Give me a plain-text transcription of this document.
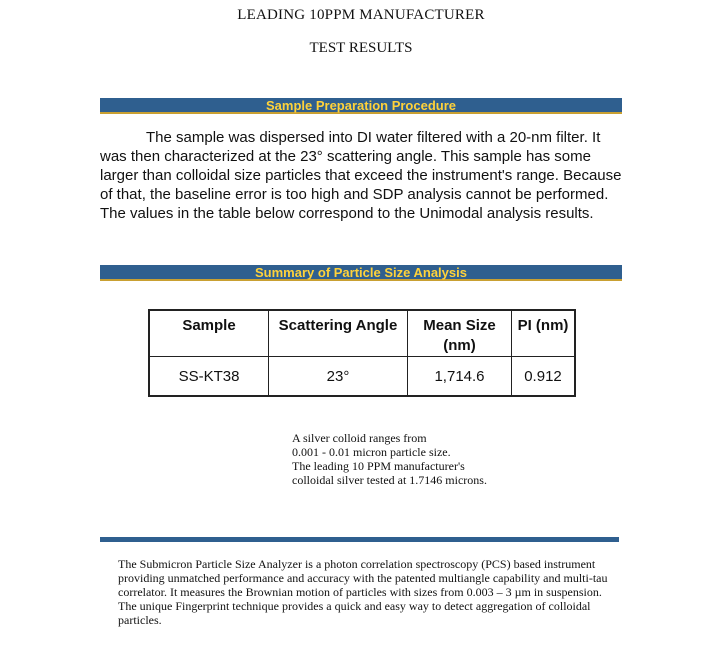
LEADING 10PPM MANUFACTURER
TEST RESULTS
Sample Preparation Procedure

The sample was dispersed into DI water filtered with a 20-nm filter. It was then characterized at the 23° scattering angle. This sample has some larger than colloidal size particles that exceed the instrument's range. Because of that, the baseline error is too high and SDP analysis cannot be performed. The values in the table below correspond to the Unimodal analysis results.

Summary of Particle Size Analysis
Sample	Scattering Angle	Mean Size (nm)	PI (nm)
SS-KT38	23°	1,714.6	0.912
A silver colloid ranges from
0.001 - 0.01 micron particle size.
The leading 10 PPM manufacturer's
colloidal silver tested at 1.7146 microns.
The Submicron Particle Size Analyzer is a photon correlation spectroscopy (PCS) based instrument providing unmatched performance and accuracy with the patented multiangle capability and multi-tau correlator. It measures the Brownian motion of particles with sizes from 0.003 – 3 µm in suspension. The unique Fingerprint technique provides a quick and easy way to detect aggregation of colloidal particles.
